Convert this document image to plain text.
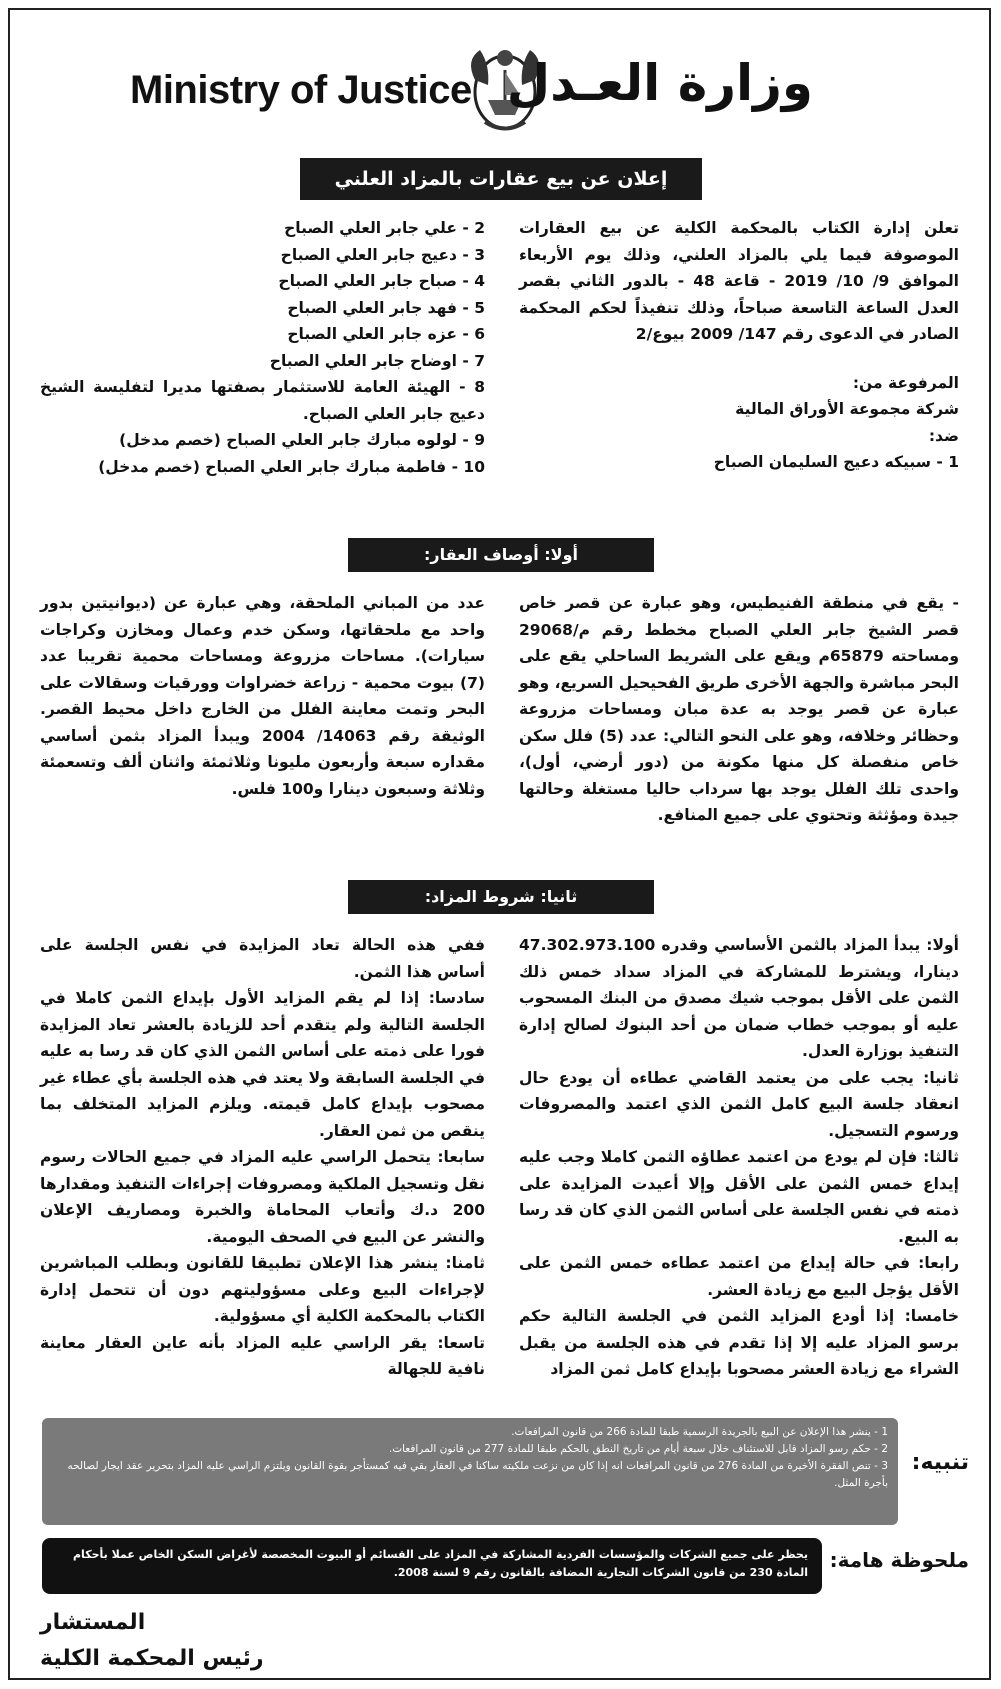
Ministry of Justice وزارة العـدل
إعلان عن بيع عقارات بالمزاد العلني

تعلن إدارة الكتاب بالمحكمة الكلية عن بيع العقارات الموصوفة فيما يلي بالمزاد العلني، وذلك يوم الأربعاء الموافق 9/ 10/ 2019 - قاعة 48 - بالدور الثاني بقصر العدل الساعة التاسعة صباحاً، وذلك تنفيذاً لحكم المحكمة الصادر في الدعوى رقم 147/ 2009 بيوع/2

المرفوعة من:

شركة مجموعة الأوراق المالية

ضد:

1 - سبيكه دعيج السليمان الصباح

2 - علي جابر العلي الصباح
3 - دعيج جابر العلي الصباح
4 - صباح جابر العلي الصباح
5 - فهد جابر العلي الصباح
6 - عزه جابر العلي الصباح
7 - اوضاح جابر العلي الصباح
8 - الهيئة العامة للاستثمار بصفتها مديرا لتفليسة الشيخ دعيج جابر العلي الصباح.
9 - لولوه مبارك جابر العلي الصباح (خصم مدخل)
10 - فاطمة مبارك جابر العلي الصباح (خصم مدخل)
أولا: أوصاف العقار:

- يقع في منطقة الفنيطيس، وهو عبارة عن قصر خاص قصر الشيخ جابر العلي الصباح مخطط رقم م/29068 ومساحته 65879م ويقع على الشريط الساحلي يقع على البحر مباشرة والجهة الأخرى طريق الفحيحيل السريع، وهو عبارة عن قصر يوجد به عدة مبان ومساحات مزروعة وحظائر وخلافه، وهو على النحو التالي: عدد (5) فلل سكن خاص منفصلة كل منها مكونة من (دور أرضي، أول)، واحدى تلك الفلل يوجد بها سرداب حاليا مستغلة وحالتها جيدة ومؤثثة وتحتوي على جميع المنافع.

عدد من المباني الملحقة، وهي عبارة عن (ديوانيتين بدور واحد مع ملحقاتها، وسكن خدم وعمال ومخازن وكراجات سيارات). مساحات مزروعة ومساحات محمية تقريبا عدد (7) بيوت محمية - زراعة خضراوات وورقيات وسقالات على البحر وتمت معاينة الفلل من الخارج داخل محيط القصر. الوثيقة رقم 14063/ 2004 ويبدأ المزاد بثمن أساسي مقداره سبعة وأربعون مليونا وثلاثمئة واثنان ألف وتسعمئة وثلاثة وسبعون دينارا و100 فلس.

ثانيا: شروط المزاد:

أولا: يبدأ المزاد بالثمن الأساسي وقدره 47.302.973.100 دينارا، ويشترط للمشاركة في المزاد سداد خمس ذلك الثمن على الأقل بموجب شيك مصدق من البنك المسحوب عليه أو بموجب خطاب ضمان من أحد البنوك لصالح إدارة التنفيذ بوزارة العدل.

ثانيا: يجب على من يعتمد القاضي عطاءه أن يودع حال انعقاد جلسة البيع كامل الثمن الذي اعتمد والمصروفات ورسوم التسجيل.

ثالثا: فإن لم يودع من اعتمد عطاؤه الثمن كاملا وجب عليه إيداع خمس الثمن على الأقل وإلا أعيدت المزايدة على ذمته في نفس الجلسة على أساس الثمن الذي كان قد رسا به البيع.

رابعا: في حالة إيداع من اعتمد عطاءه خمس الثمن على الأقل يؤجل البيع مع زيادة العشر.

خامسا: إذا أودع المزايد الثمن في الجلسة التالية حكم برسو المزاد عليه إلا إذا تقدم في هذه الجلسة من يقبل الشراء مع زيادة العشر مصحوبا بإيداع كامل ثمن المزاد

ففي هذه الحالة تعاد المزايدة في نفس الجلسة على أساس هذا الثمن.

سادسا: إذا لم يقم المزايد الأول بإيداع الثمن كاملا في الجلسة التالية ولم يتقدم أحد للزيادة بالعشر تعاد المزايدة فورا على ذمته على أساس الثمن الذي كان قد رسا به عليه في الجلسة السابقة ولا يعتد في هذه الجلسة بأي عطاء غير مصحوب بإيداع كامل قيمته. ويلزم المزايد المتخلف بما ينقص من ثمن العقار.

سابعا: يتحمل الراسي عليه المزاد في جميع الحالات رسوم نقل وتسجيل الملكية ومصروفات إجراءات التنفيذ ومقدارها 200 د.ك وأتعاب المحاماة والخبرة ومصاريف الإعلان والنشر عن البيع في الصحف اليومية.

ثامنا: ينشر هذا الإعلان تطبيقا للقانون وبطلب المباشرين لإجراءات البيع وعلى مسؤوليتهم دون أن تتحمل إدارة الكتاب بالمحكمة الكلية أي مسؤولية.

تاسعا: يقر الراسي عليه المزاد بأنه عاين العقار معاينة نافية للجهالة

1 - ينشر هذا الإعلان عن البيع بالجريدة الرسمية طبقا للمادة 266 من قانون المرافعات.
2 - حكم رسو المزاد قابل للاستئناف خلال سبعة أيام من تاريخ النطق بالحكم طبقا للمادة 277 من قانون المرافعات.
3 - تنص الفقرة الأخيرة من المادة 276 من قانون المرافعات انه إذا كان من نزعت ملكيته ساكنا في العقار بقي فيه كمستأجر بقوة القانون ويلتزم الراسي عليه المزاد بتحرير عقد ايجار لصالحه بأجرة المثل.
تنبيه:
يحظر على جميع الشركات والمؤسسات الفردية المشاركة في المزاد على القسائم أو البيوت المخصصة لأغراض السكن الخاص عملا بأحكام المادة 230 من قانون الشركات التجارية المضافة بالقانون رقم 9 لسنة 2008.
ملحوظة هامة:
المستشار
رئيس المحكمة الكلية
